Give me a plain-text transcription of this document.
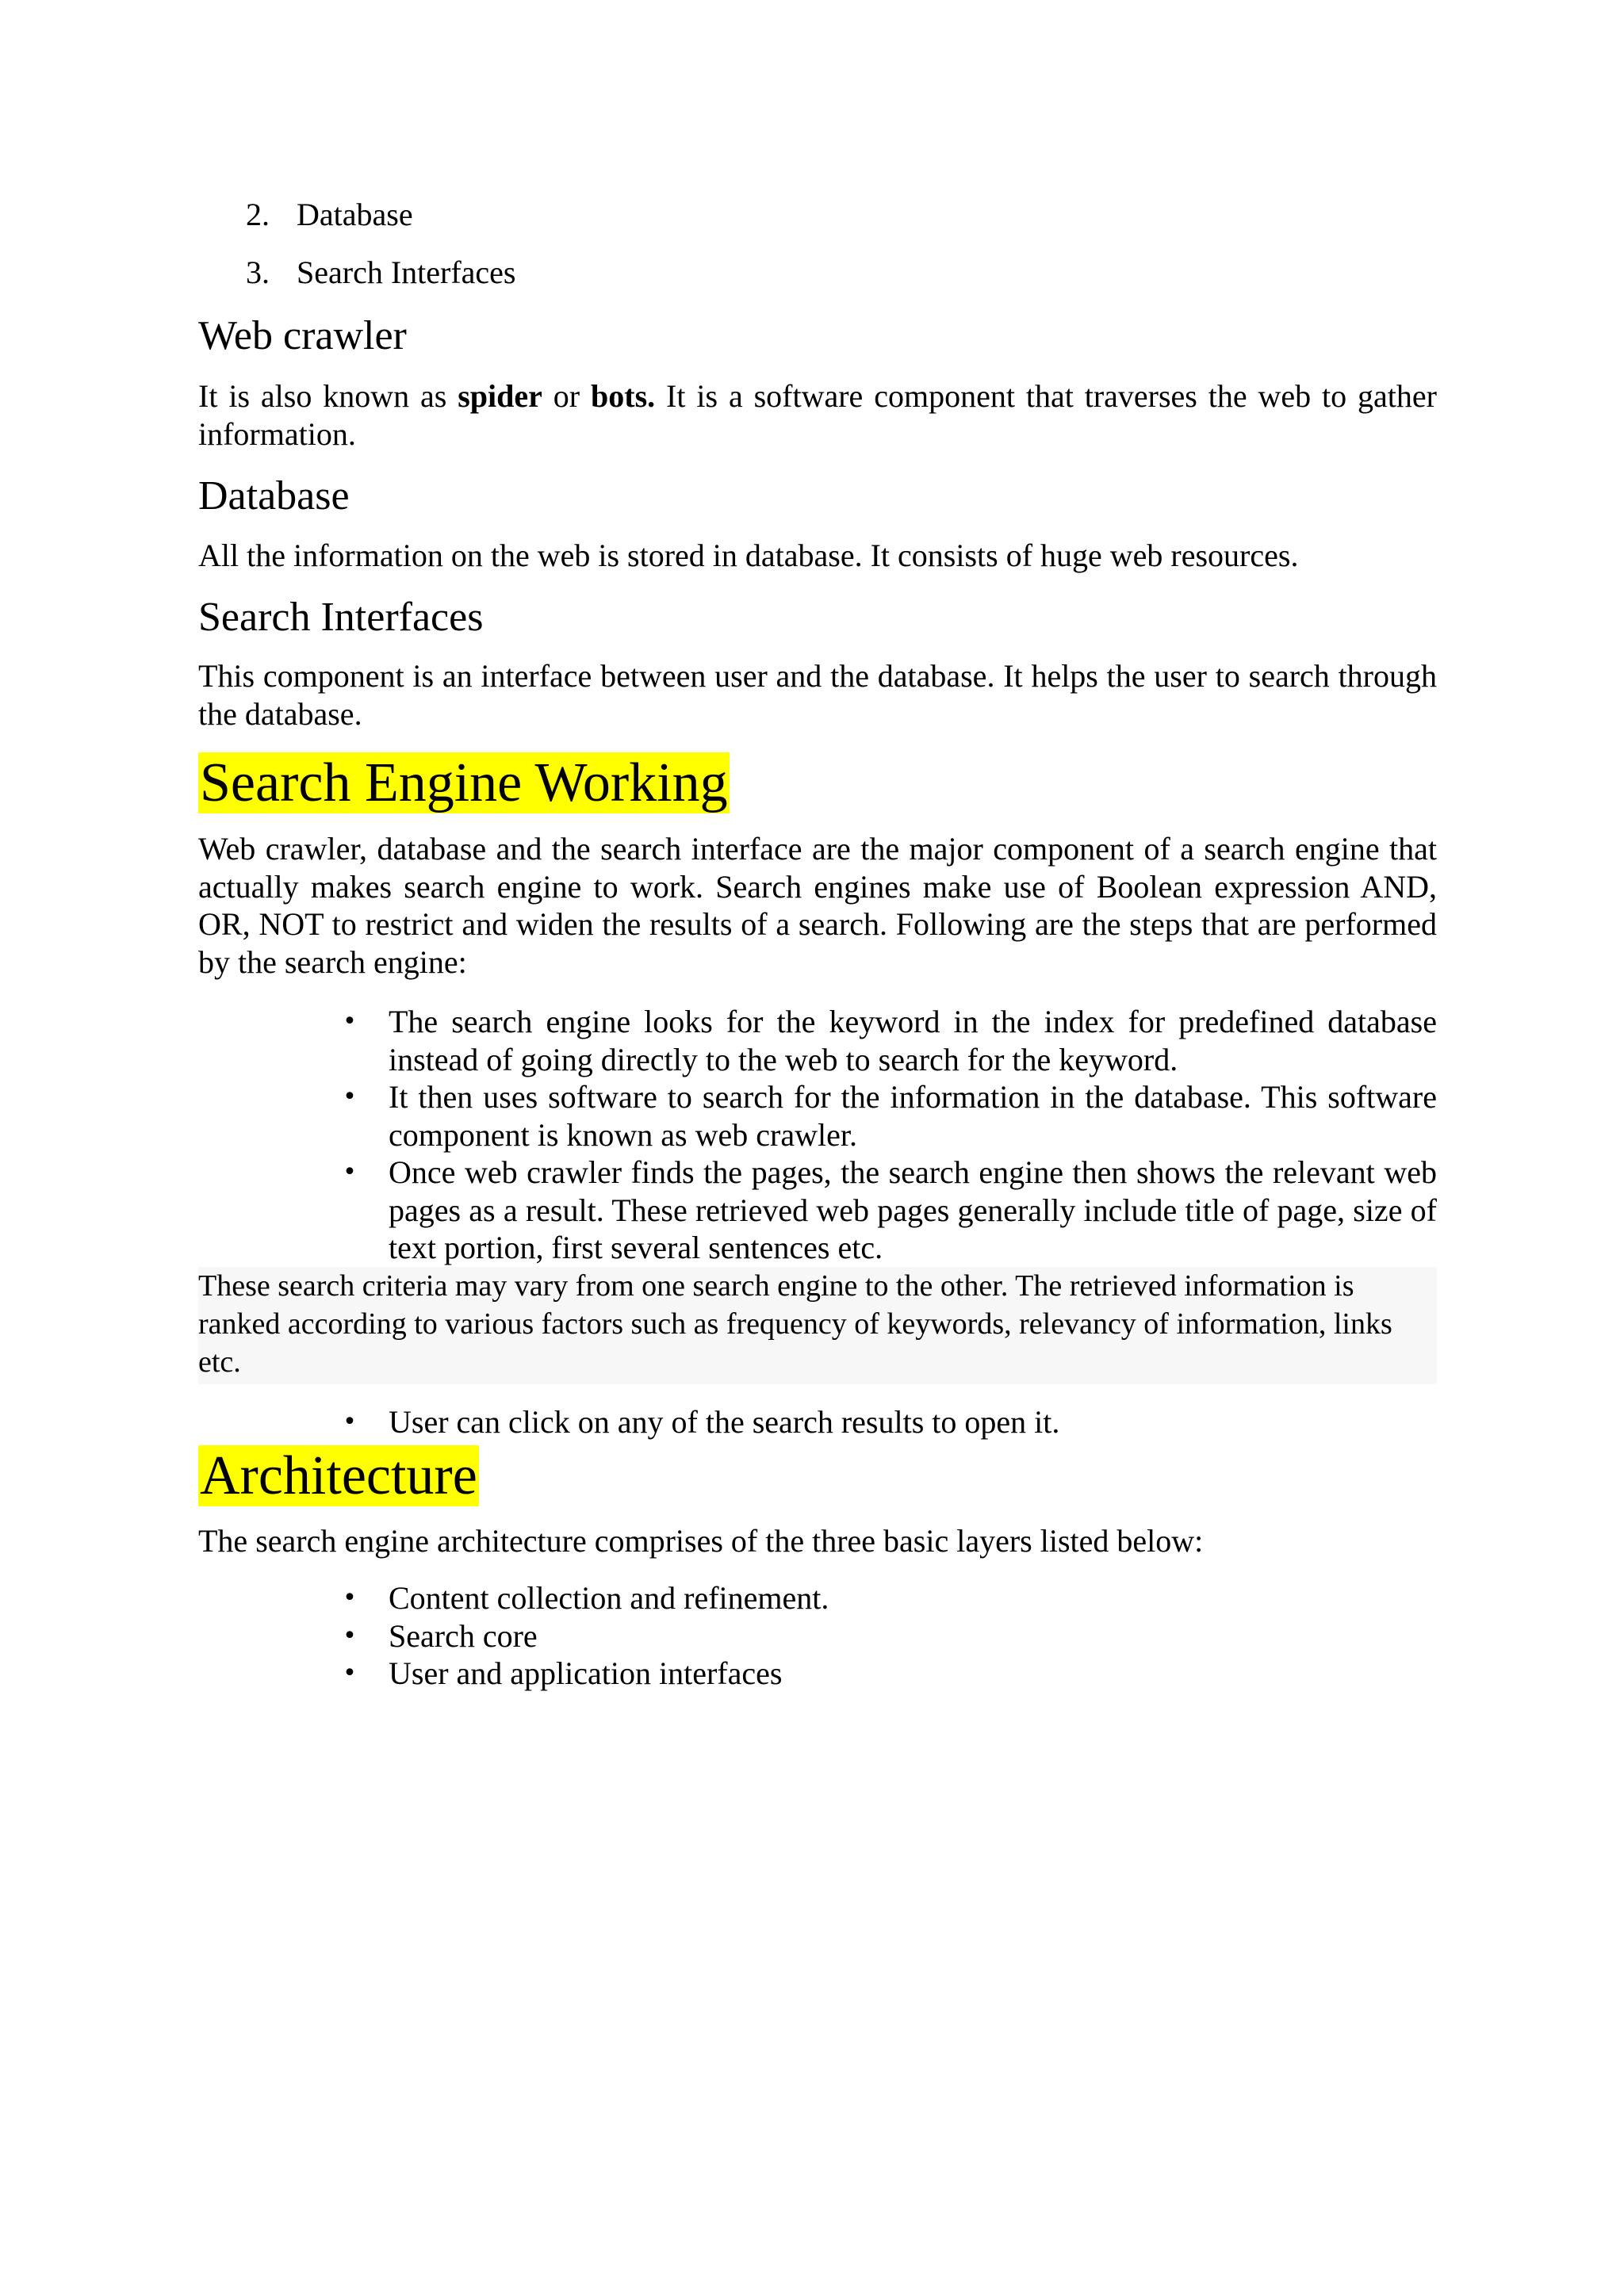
2. Database
3. Search Interfaces
Web crawler
It is also known as spider or bots. It is a software component that traverses the web to gather information.
Database
All the information on the web is stored in database. It consists of huge web resources.
Search Interfaces
This component is an interface between user and the database. It helps the user to search through the database.
Search Engine Working
Web crawler, database and the search interface are the major component of a search engine that actually makes search engine to work. Search engines make use of Boolean expression AND, OR, NOT to restrict and widen the results of a search. Following are the steps that are performed by the search engine:
• The search engine looks for the keyword in the index for predefined database instead of going directly to the web to search for the keyword.
• It then uses software to search for the information in the database. This software component is known as web crawler.
• Once web crawler finds the pages, the search engine then shows the relevant web pages as a result. These retrieved web pages generally include title of page, size of text portion, first several sentences etc.
These search criteria may vary from one search engine to the other. The retrieved information is ranked according to various factors such as frequency of keywords, relevancy of information, links etc.
• User can click on any of the search results to open it.
Architecture
The search engine architecture comprises of the three basic layers listed below:
• Content collection and refinement.
• Search core
• User and application interfaces
